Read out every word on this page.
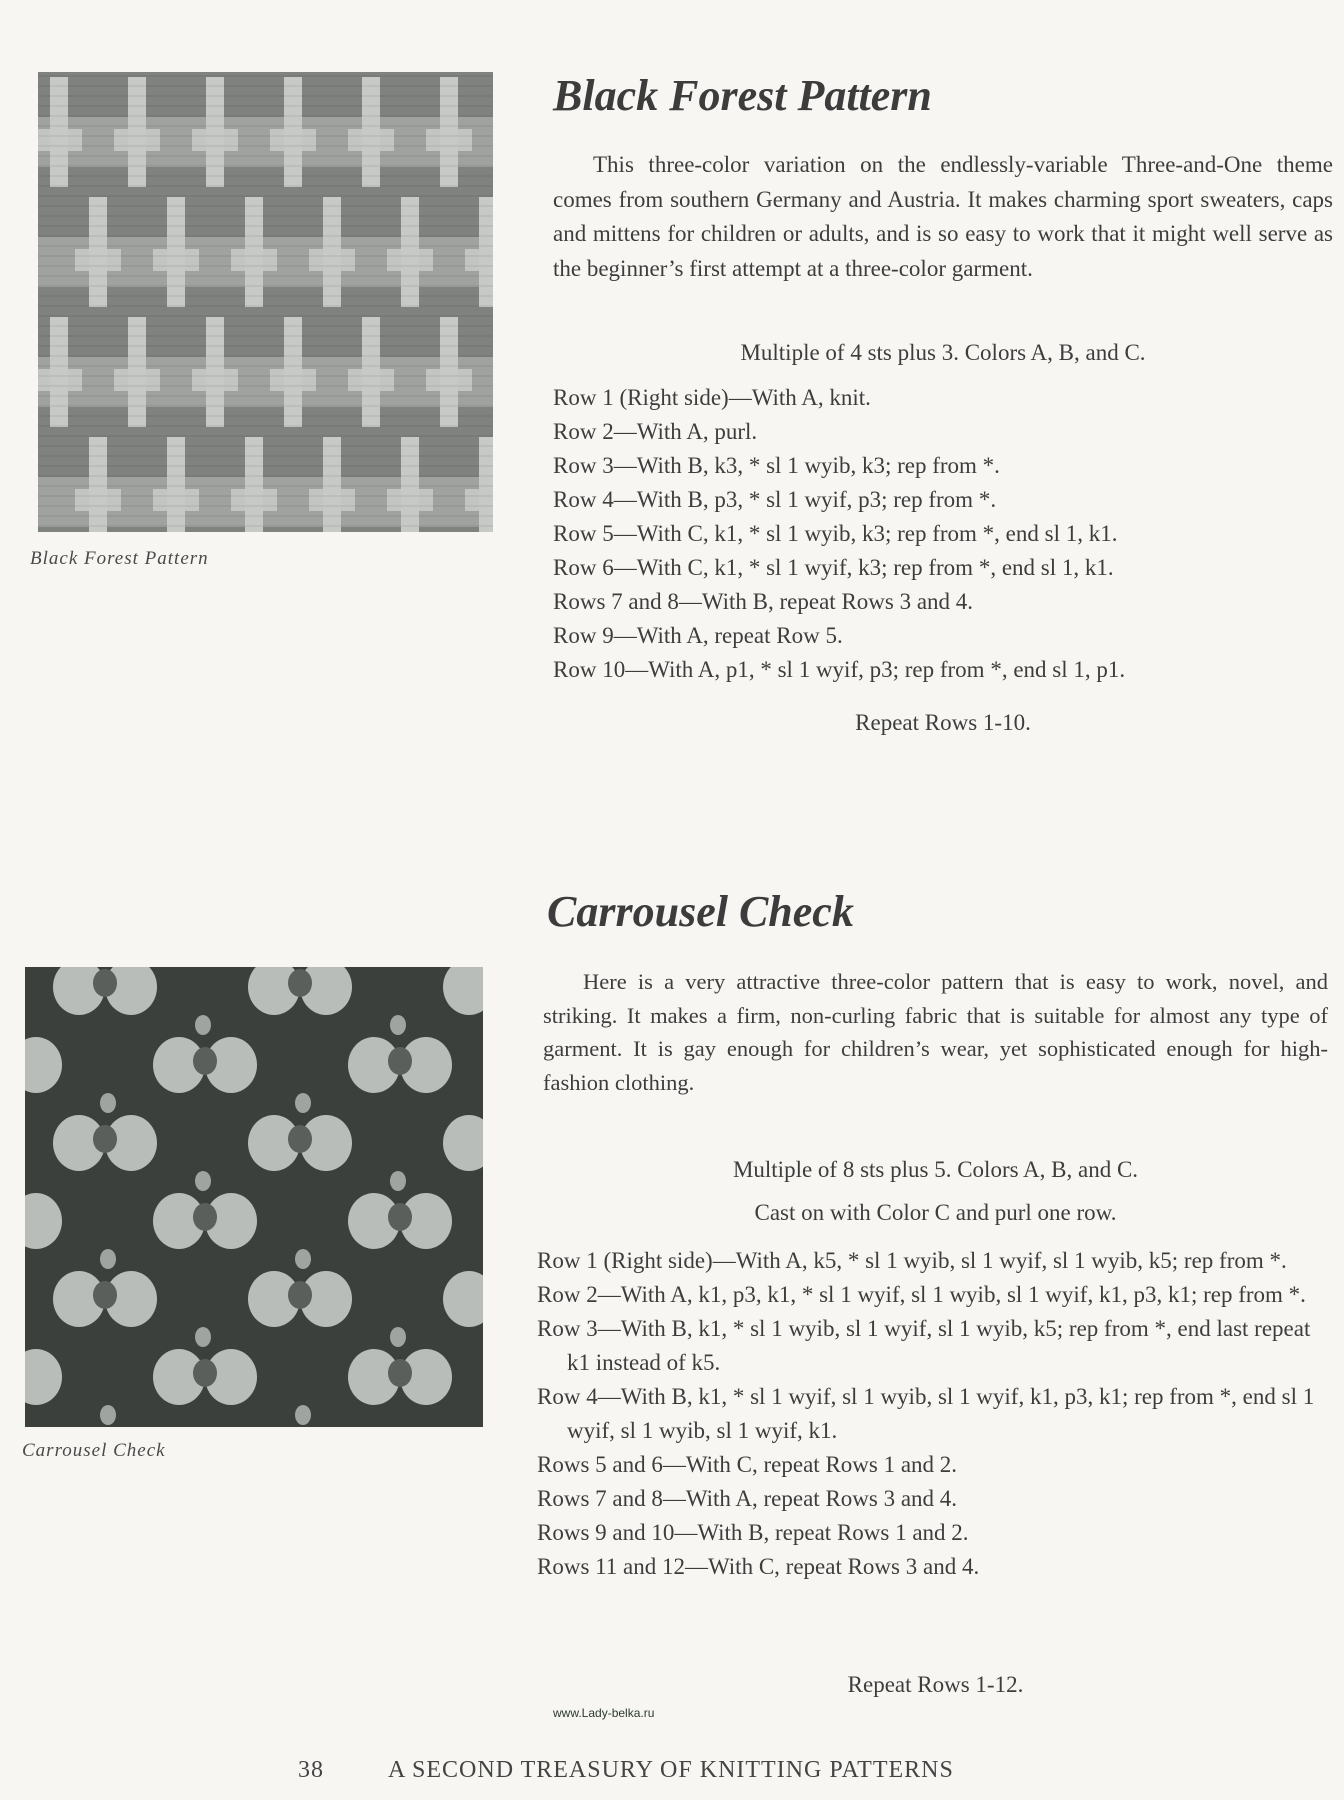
Black Forest Pattern
Black Forest Pattern

This three-color variation on the endlessly-variable Three-and-One theme comes from southern Germany and Austria. It makes charming sport sweaters, caps and mittens for children or adults, and is so easy to work that it might well serve as the beginner’s first attempt at a three-color garment.

Multiple of 4 sts plus 3. Colors A, B, and C.
Row 1 (Right side)—With A, knit.
Row 2—With A, purl.
Row 3—With B, k3, * sl 1 wyib, k3; rep from *.
Row 4—With B, p3, * sl 1 wyif, p3; rep from *.
Row 5—With C, k1, * sl 1 wyib, k3; rep from *, end sl 1, k1.
Row 6—With C, k1, * sl 1 wyif, k3; rep from *, end sl 1, k1.
Rows 7 and 8—With B, repeat Rows 3 and 4.
Row 9—With A, repeat Row 5.
Row 10—With A, p1, * sl 1 wyif, p3; rep from *, end sl 1, p1.
Repeat Rows 1-10.
Carrousel Check
Carrousel Check

Here is a very attractive three-color pattern that is easy to work, novel, and striking. It makes a firm, non-curling fabric that is suitable for almost any type of garment. It is gay enough for children’s wear, yet sophisticated enough for high-fashion clothing.

Multiple of 8 sts plus 5. Colors A, B, and C.
Cast on with Color C and purl one row.
Row 1 (Right side)—With A, k5, * sl 1 wyib, sl 1 wyif, sl 1 wyib, k5; rep from *.
Row 2—With A, k1, p3, k1, * sl 1 wyif, sl 1 wyib, sl 1 wyif, k1, p3, k1; rep from *.
Row 3—With B, k1, * sl 1 wyib, sl 1 wyif, sl 1 wyib, k5; rep from *, end last repeat k1 instead of k5.
Row 4—With B, k1, * sl 1 wyif, sl 1 wyib, sl 1 wyif, k1, p3, k1; rep from *, end sl 1 wyif, sl 1 wyib, sl 1 wyif, k1.
Rows 5 and 6—With C, repeat Rows 1 and 2.
Rows 7 and 8—With A, repeat Rows 3 and 4.
Rows 9 and 10—With B, repeat Rows 1 and 2.
Rows 11 and 12—With C, repeat Rows 3 and 4.
Repeat Rows 1-12.
www.Lady-belka.ru
38	A SECOND TREASURY OF KNITTING PATTERNS
